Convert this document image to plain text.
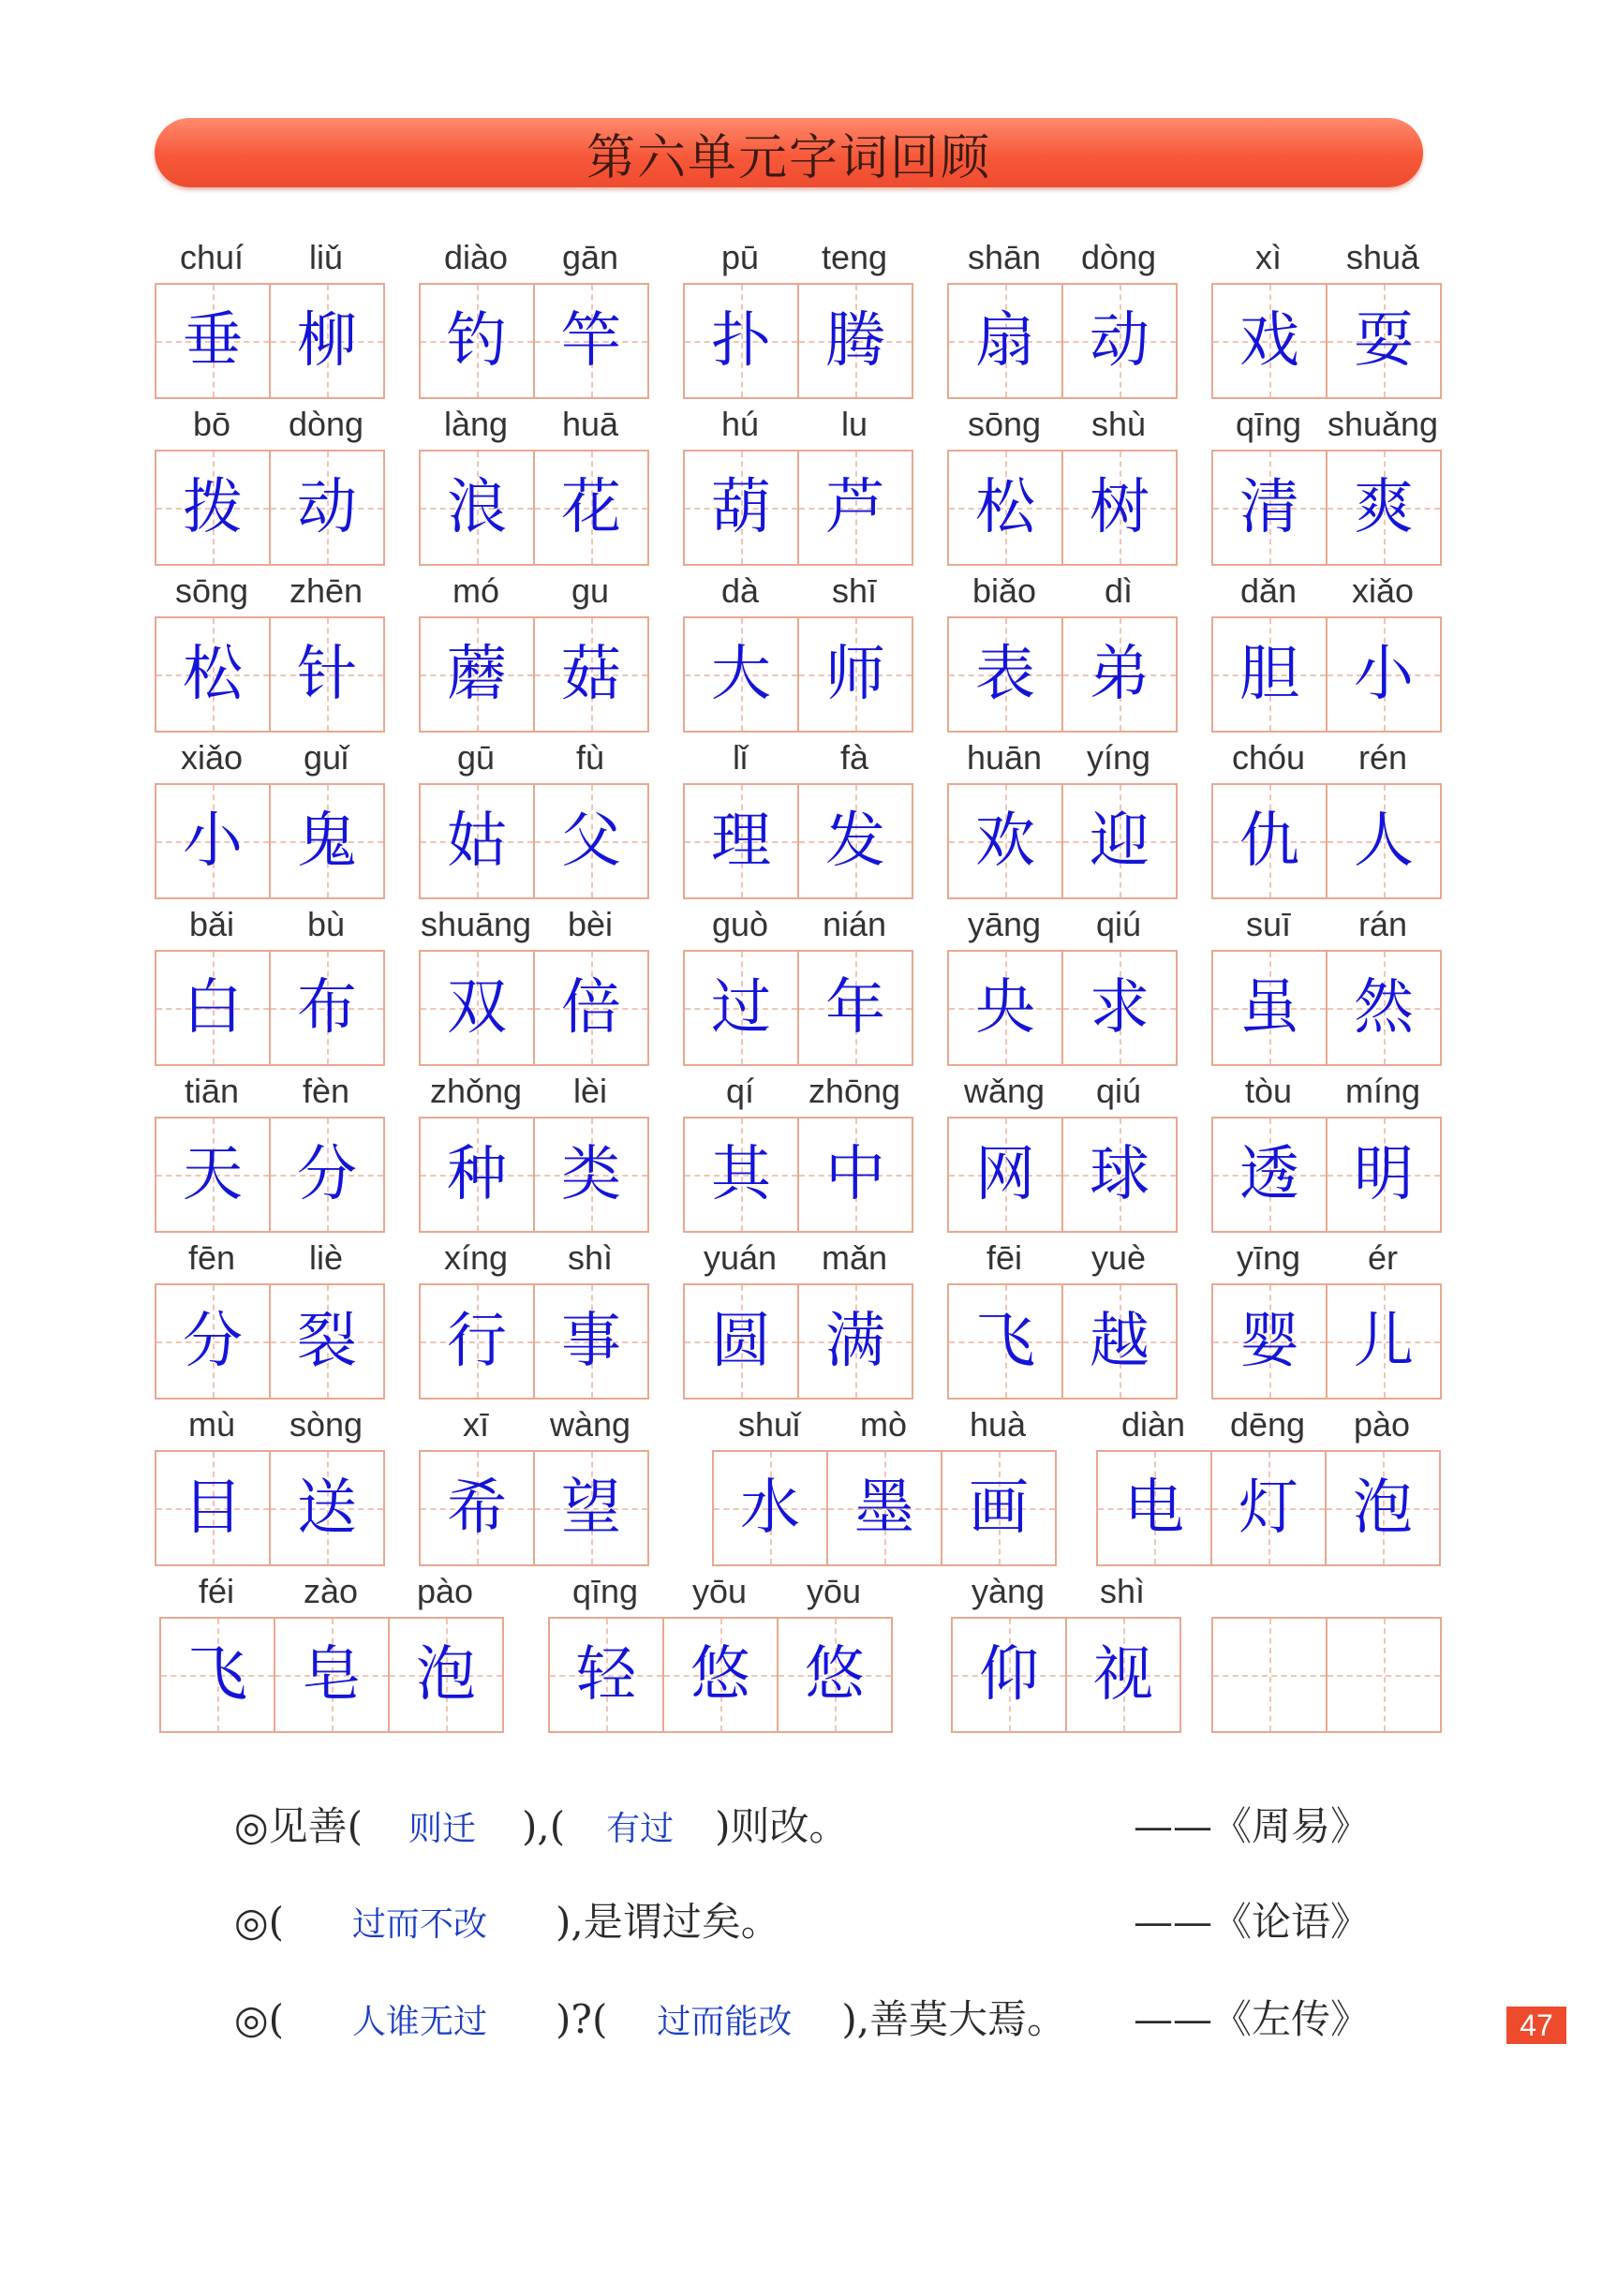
第六单元字词回顾
chuí	liǔ
垂 柳
diào	gān
钓 竿
pū	teng
扑 腾
shān	dòng
扇 动
xì	shuǎ
戏 耍
bō	dòng
拨 动
làng	huā
浪 花
hú	lu
葫 芦
sōng	shù
松 树
qīng shuǎng
清 爽
sōng	zhēn
松 针
mó	gu
蘑 菇
dà	shī
大 师
biǎo	dì
表 弟
dǎn	xiǎo
胆 小
xiǎo	guǐ
小 鬼
gū	fù
姑 父
lǐ	fà
理 发
huān	yíng
欢 迎
chóu	rén
仇 人
bǎi	bù
白 布
shuāng	bèi
双 倍
guò	nián
过 年
yāng	qiú
央 求
suī	rán
虽 然
tiān	fèn
天 分
zhǒng	lèi
种 类
qí	zhōng
其 中
wǎng	qiú
网 球
tòu	míng
透 明
fēn	liè
分 裂
xíng	shì
行 事
yuán	mǎn
圆 满
fēi	yuè
飞 越
yīng	ér
婴 儿
mù	sòng
目 送
xī	wàng
希 望
shuǐ	mò	huà
水 墨 画
diàn	dēng	pào
电 灯 泡
féi	zào	pào
飞 皂 泡
qīng	yōu	yōu
轻 悠 悠
yàng	shì
仰 视
◎见善( 则迁 ),( 有过 )则改。	——《周易》
◎( 过而不改 ),是谓过矣。	——《论语》
◎( 人谁无过 )?( 过而能改 ),善莫大焉。 ——《左传》	47
